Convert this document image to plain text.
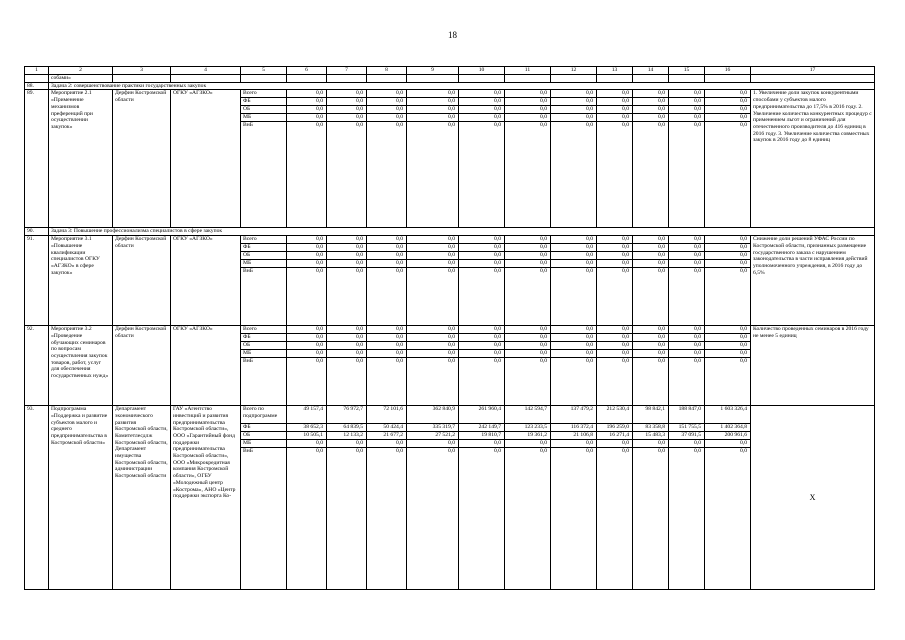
18
1	2	3	4	5	6	7	8	9	10	11	12	13	14	15	16	17
	собами»															
88.	Задача 2: совершенствование практики государственных закупок															
89.	Мероприятие 2.1 «Применение механизмов преференций при осуществлении закупок»	Дерфин Костромской области	ОГКУ «АГЗКО»	Всего	0,0	0,0	0,0	0,0	0,0	0,0	0,0	0,0	0,0	0,0	0,0	1. Увеличение доли закупок конкурентными способами у субъектов малого предпринимательства до 17,5% в 2016 году. 2. Увеличение количества конкурентных процедур с применением льгот и ограничений для отечественного производителя до 416 единиц в 2016 году. 3. Увеличение количества совместных закупок в 2016 году до 8 единиц
				ФБ	0,0	0,0	0,0	0,0	0,0	0,0	0,0	0,0	0,0	0,0	0,0	
				ОБ	0,0	0,0	0,0	0,0	0,0	0,0	0,0	0,0	0,0	0,0	0,0	
				МБ	0,0	0,0	0,0	0,0	0,0	0,0	0,0	0,0	0,0	0,0	0,0	
				ВнБ	0,0	0,0	0,0	0,0	0,0	0,0	0,0	0,0	0,0	0,0	0,0	
90.	Задача 3: Повышение профессионализма специалистов в сфере закупок															
91.	Мероприятие 3.1 «Повышение квалификации специалистов ОГКУ «АГЗКО» в сфере закупок»	Дерфин Костромской области	ОГКУ «АГЗКО»	Всего	0,0	0,0	0,0	0,0	0,0	0,0	0,0	0,0	0,0	0,0	0,0	Снижение доли решений УФАС России по Костромской области, признанных размещение государственного заказа с нарушением законодательства в части исправления действий уполномоченного учреждения, в 2016 году до 6,5%
				ФБ	0,0	0,0	0,0	0,0	0,0	0,0	0,0	0,0	0,0	0,0	0,0	
				ОБ	0,0	0,0	0,0	0,0	0,0	0,0	0,0	0,0	0,0	0,0	0,0	
				МБ	0,0	0,0	0,0	0,0	0,0	0,0	0,0	0,0	0,0	0,0	0,0	
				ВнБ	0,0	0,0	0,0	0,0	0,0	0,0	0,0	0,0	0,0	0,0	0,0	
92.	Мероприятие 3.2 «Проведение обучающих семинаров по вопросам осуществления закупок товаров, работ, услуг для обеспечения государственных нужд»	Дерфин Костромской области	ОГКУ «АГЗКО»	Всего	0,0	0,0	0,0	0,0	0,0	0,0	0,0	0,0	0,0	0,0	0,0	Количество проведенных семинаров в 2016 году не менее 5 единиц
				ФБ	0,0	0,0	0,0	0,0	0,0	0,0	0,0	0,0	0,0	0,0	0,0	
				ОБ	0,0	0,0	0,0	0,0	0,0	0,0	0,0	0,0	0,0	0,0	0,0	
				МБ	0,0	0,0	0,0	0,0	0,0	0,0	0,0	0,0	0,0	0,0	0,0	
				ВнБ	0,0	0,0	0,0	0,0	0,0	0,0	0,0	0,0	0,0	0,0	0,0	
93.	Подпрограмма «Поддержка и развитие субъектов малого и среднего предпринимательства в Костромской области»	Департамент экономического развития Костромской области, Комитетлесдлж Костромской области, Департамент имущества Костромской области, администрации Костромской области	ГАУ «Агентство инвестиций и развития предпринимательства Костромской области», ООО «Гарантийный фонд поддержки предпринимательства Костромской области», ООО «Микрокредитная компания Костромской области», ОГБУ «Молодежный центр «Кострома», АНО «Центр поддержки экспорта Ко-	Всего по подпрограмме	49 157,4	76 972,7	72 101,6	362 840,9	261 960,4	142 594,7	137 479,2	212 530,4	98 842,1	188 847,0	1 603 326,4	Х
				ФБ	38 652,3	64 839,5	50 424,4	335 319,7	242 149,7	123 233,5	116 372,4	196 259,0	83 358,8	151 755,5	1 402 364,8	
				ОБ	10 505,1	12 133,2	21 677,2	27 521,2	19 810,7	19 361,2	21 106,8	16 271,4	15 483,3	37 091,5	200 961,6	
				МБ	0,0	0,0	0,0	0,0	0,0	0,0	0,0	0,0	0,0	0,0	0,0	
				ВнБ	0,0	0,0	0,0	0,0	0,0	0,0	0,0	0,0	0,0	0,0	0,0	
